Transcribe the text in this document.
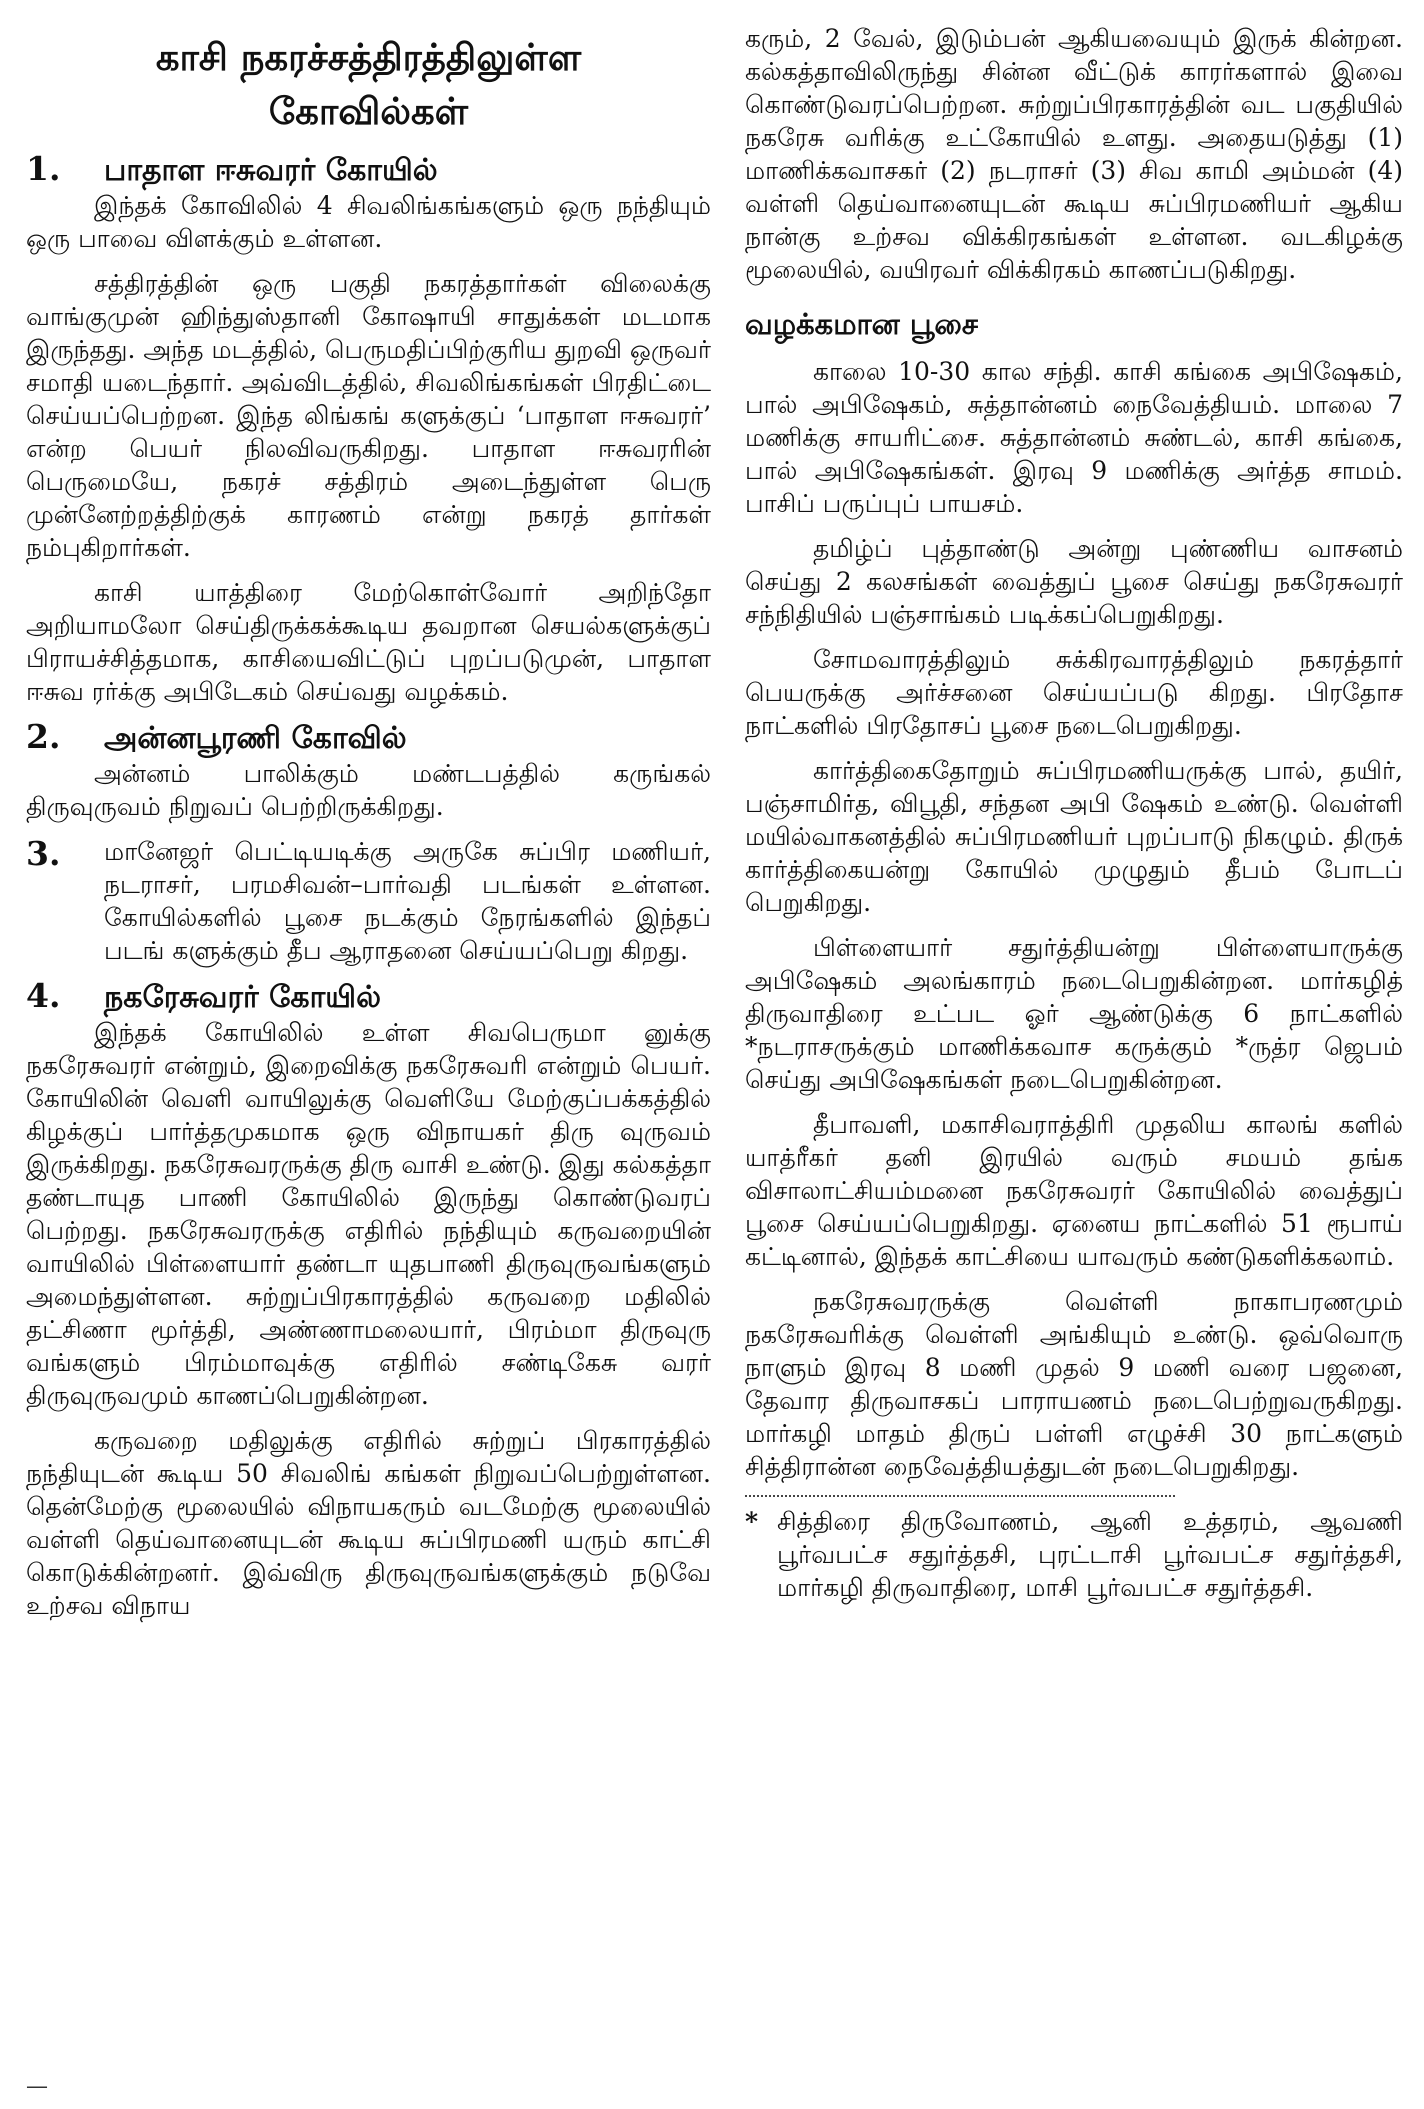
காசி நகரச்சத்திரத்திலுள்ள
கோவில்கள்
1.	பாதாள ஈசுவரர் கோயில்

இந்தக் கோவிலில் 4 சிவலிங்கங்களும் ஒரு நந்தியும் ஒரு பாவை விளக்கும் உள்ளன.

சத்திரத்தின் ஒரு பகுதி நகரத்தார்கள் விலைக்கு வாங்குமுன் ஹிந்துஸ்தானி கோஷாயி சாதுக்கள் மடமாக இருந்தது. அந்த மடத்தில், பெருமதிப்பிற்குரிய துறவி ஒருவர் சமாதி யடைந்தார். அவ்விடத்தில், சிவலிங்கங்கள் பிரதிட்டை செய்யப்பெற்றன. இந்த லிங்கங் களுக்குப் ‘பாதாள ஈசுவரர்’ என்ற பெயர் நிலவிவருகிறது. பாதாள ஈசுவரரின் பெருமையே, நகரச் சத்திரம் அடைந்துள்ள பெரு முன்னேற்றத்திற்குக் காரணம் என்று நகரத் தார்கள் நம்புகிறார்கள்.

காசி யாத்திரை மேற்கொள்வோர் அறிந்தோ அறியாமலோ செய்திருக்கக்கூடிய தவறான செயல்களுக்குப் பிராயச்சித்தமாக, காசியைவிட்டுப் புறப்படுமுன், பாதாள ஈசுவ ரர்க்கு அபிடேகம் செய்வது வழக்கம்.

2.	அன்னபூரணி கோவில்

அன்னம் பாலிக்கும் மண்டபத்தில் கருங்கல் திருவுருவம் நிறுவப் பெற்றிருக்கிறது.

3.	மானேஜர் பெட்டியடிக்கு அருகே சுப்பிர மணியர், நடராசர், பரமசிவன்–பார்வதி படங்கள் உள்ளன. கோயில்களில் பூசை நடக்கும் நேரங்களில் இந்தப் படங் களுக்கும் தீப ஆராதனை செய்யப்பெறு கிறது.

4.	நகரேசுவரர் கோயில்

இந்தக் கோயிலில் உள்ள சிவபெருமா னுக்கு நகரேசுவரர் என்றும், இறைவிக்கு நகரேசுவரி என்றும் பெயர். கோயிலின் வெளி வாயிலுக்கு வெளியே மேற்குப்பக்கத்தில் கிழக்குப் பார்த்தமுகமாக ஒரு விநாயகர் திரு வுருவம் இருக்கிறது. நகரேசுவரருக்கு திரு வாசி உண்டு. இது கல்கத்தா தண்டாயுத பாணி கோயிலில் இருந்து கொண்டுவரப் பெற்றது. நகரேசுவரருக்கு எதிரில் நந்தியும் கருவறையின் வாயிலில் பிள்ளையார் தண்டா யுதபாணி திருவுருவங்களும் அமைந்துள்ளன. சுற்றுப்பிரகாரத்தில் கருவறை மதிலில் தட்சிணா மூர்த்தி, அண்ணாமலையார், பிரம்மா திருவுரு வங்களும் பிரம்மாவுக்கு எதிரில் சண்டிகேசு வரர் திருவுருவமும் காணப்பெறுகின்றன.

கருவறை மதிலுக்கு எதிரில் சுற்றுப் பிரகாரத்தில் நந்தியுடன் கூடிய 50 சிவலிங் கங்கள் நிறுவப்பெற்றுள்ளன. தென்மேற்கு மூலையில் விநாயகரும் வடமேற்கு மூலையில் வள்ளி தெய்வானையுடன் கூடிய சுப்பிரமணி யரும் காட்சி கொடுக்கின்றனர். இவ்விரு திருவுருவங்களுக்கும் நடுவே உற்சவ விநாய

கரும், 2 வேல், இடும்பன் ஆகியவையும் இருக் கின்றன. கல்கத்தாவிலிருந்து சின்ன வீட்டுக் காரர்களால் இவை கொண்டுவரப்பெற்றன. சுற்றுப்பிரகாரத்தின் வட பகுதியில் நகரேசு வரிக்கு உட்கோயில் உளது. அதையடுத்து (1) மாணிக்கவாசகர் (2) நடராசர் (3) சிவ காமி அம்மன் (4) வள்ளி தெய்வானையுடன் கூடிய சுப்பிரமணியர் ஆகிய நான்கு உற்சவ விக்கிரகங்கள் உள்ளன. வடகிழக்கு மூலையில், வயிரவர் விக்கிரகம் காணப்படுகிறது.

வழக்கமான பூசை

காலை 10-30 கால சந்தி. காசி கங்கை அபிஷேகம், பால் அபிஷேகம், சுத்தான்னம் நைவேத்தியம். மாலை 7 மணிக்கு சாயரிட்சை. சுத்தான்னம் சுண்டல், காசி கங்கை, பால் அபிஷேகங்கள். இரவு 9 மணிக்கு அர்த்த சாமம். பாசிப் பருப்புப் பாயசம்.

தமிழ்ப் புத்தாண்டு அன்று புண்ணிய வாசனம் செய்து 2 கலசங்கள் வைத்துப் பூசை செய்து நகரேசுவரர் சந்நிதியில் பஞ்சாங்கம் படிக்கப்பெறுகிறது.

சோமவாரத்திலும் சுக்கிரவாரத்திலும் நகரத்தார் பெயருக்கு அர்ச்சனை செய்யப்படு கிறது. பிரதோச நாட்களில் பிரதோசப் பூசை நடைபெறுகிறது.

கார்த்திகைதோறும் சுப்பிரமணியருக்கு பால், தயிர், பஞ்சாமிர்த, விபூதி, சந்தன அபி ஷேகம் உண்டு. வெள்ளி மயில்வாகனத்தில் சுப்பிரமணியர் புறப்பாடு நிகழும். திருக் கார்த்திகையன்று கோயில் முழுதும் தீபம் போடப் பெறுகிறது.

பிள்ளையார் சதுர்த்தியன்று பிள்ளையாருக்கு அபிஷேகம் அலங்காரம் நடைபெறுகின்றன. மார்கழித் திருவாதிரை உட்பட ஓர் ஆண்டுக்கு 6 நாட்களில் *நடராசருக்கும் மாணிக்கவாச கருக்கும் *ருத்ர ஜெபம் செய்து அபிஷேகங்கள் நடைபெறுகின்றன.

தீபாவளி, மகாசிவராத்திரி முதலிய காலங் களில் யாத்ரீகர் தனி இரயில் வரும் சமயம் தங்க விசாலாட்சியம்மனை நகரேசுவரர் கோயிலில் வைத்துப் பூசை செய்யப்பெறுகிறது. ஏனைய நாட்களில் 51 ரூபாய் கட்டினால், இந்தக் காட்சியை யாவரும் கண்டுகளிக்கலாம்.

நகரேசுவரருக்கு வெள்ளி நாகாபரணமும் நகரேசுவரிக்கு வெள்ளி அங்கியும் உண்டு. ஒவ்வொரு நாளும் இரவு 8 மணி முதல் 9 மணி வரை பஜனை, தேவார திருவாசகப் பாராயணம் நடைபெற்றுவருகிறது. மார்கழி மாதம் திருப் பள்ளி எழுச்சி 30 நாட்களும் சித்திரான்ன நைவேத்தியத்துடன் நடைபெறுகிறது.

* சித்திரை திருவோணம், ஆனி உத்தரம், ஆவணி பூர்வபட்ச சதுர்த்தசி, புரட்டாசி பூர்வபட்ச சதுர்த்தசி, மார்கழி திருவாதிரை, மாசி பூர்வபட்ச சதுர்த்தசி.
—
